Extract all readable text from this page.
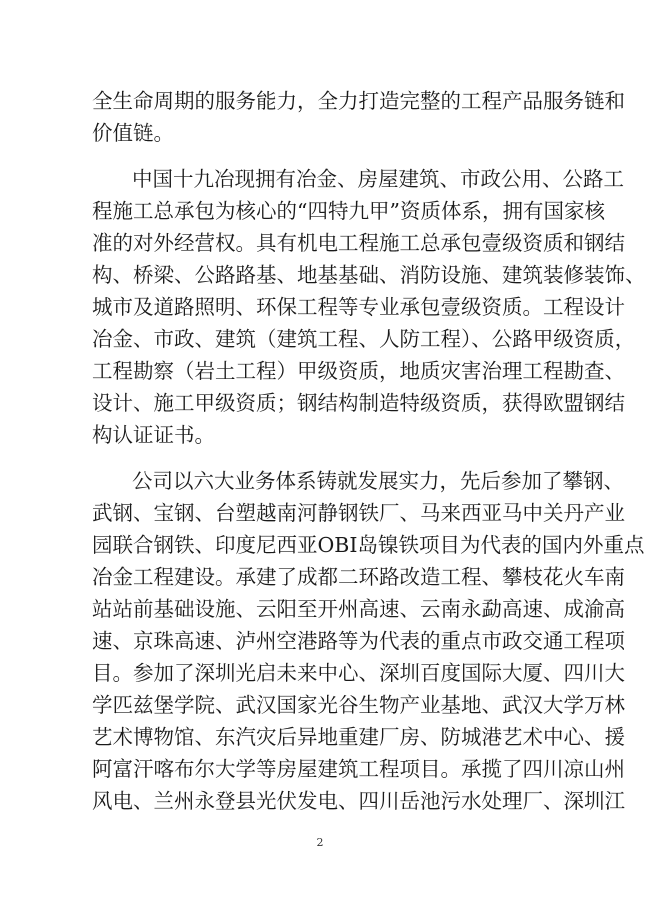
全生命周期的服务能力，全力打造完整的工程产品服务链和
价值链。
中国十九冶现拥有冶金、房屋建筑、市政公用、公路工
程施工总承包为核心的“四特九甲”资质体系，拥有国家核
准的对外经营权。具有机电工程施工总承包壹级资质和钢结
构、桥梁、公路路基、地基基础、消防设施、建筑装修装饰、
城市及道路照明、环保工程等专业承包壹级资质。工程设计
冶金、市政、建筑（建筑工程、人防工程）、公路甲级资质，
工程勘察（岩土工程）甲级资质，地质灾害治理工程勘查、
设计、施工甲级资质；钢结构制造特级资质，获得欧盟钢结
构认证证书。
公司以六大业务体系铸就发展实力，先后参加了攀钢、
武钢、宝钢、台塑越南河静钢铁厂、马来西亚马中关丹产业
园联合钢铁、印度尼西亚OBI岛镍铁项目为代表的国内外重点
冶金工程建设。承建了成都二环路改造工程、攀枝花火车南
站站前基础设施、云阳至开州高速、云南永勐高速、成渝高
速、京珠高速、泸州空港路等为代表的重点市政交通工程项
目。参加了深圳光启未来中心、深圳百度国际大厦、四川大
学匹兹堡学院、武汉国家光谷生物产业基地、武汉大学万林
艺术博物馆、东汽灾后异地重建厂房、防城港艺术中心、援
阿富汗喀布尔大学等房屋建筑工程项目。承揽了四川凉山州
风电、兰州永登县光伏发电、四川岳池污水处理厂、深圳江
2
